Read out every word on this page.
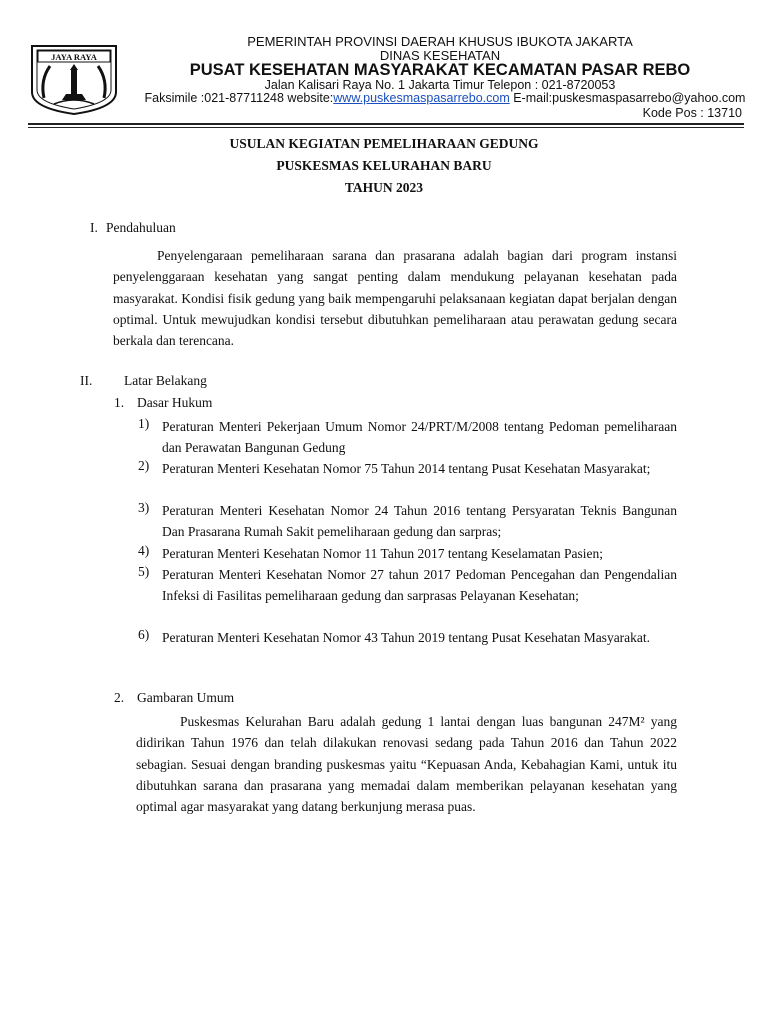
JAYA RAYA
PEMERINTAH PROVINSI DAERAH KHUSUS IBUKOTA JAKARTA
DINAS KESEHATAN
PUSAT KESEHATAN MASYARAKAT KECAMATAN PASAR REBO
Jalan Kalisari Raya No. 1 Jakarta Timur Telepon : 021-8720053
Faksimile :021-87711248 website:www.puskesmaspasarrebo.com E-mail:puskesmaspasarrebo@yahoo.com
Kode Pos : 13710
USULAN KEGIATAN PEMELIHARAAN GEDUNG
PUSKESMAS KELURAHAN BARU
TAHUN 2023
I. Pendahuluan
Penyelengaraan pemeliharaan sarana dan prasarana adalah bagian dari program instansi penyelenggaraan kesehatan yang sangat penting dalam mendukung pelayanan kesehatan pada masyarakat. Kondisi fisik gedung yang baik mempengaruhi pelaksanaan kegiatan dapat berjalan dengan optimal. Untuk mewujudkan kondisi tersebut dibutuhkan pemeliharaan atau perawatan gedung secara berkala dan terencana.
II. Latar Belakang
1. Dasar Hukum
1) Peraturan Menteri Pekerjaan Umum Nomor 24/PRT/M/2008 tentang Pedoman pemeliharaan dan Perawatan Bangunan Gedung
2) Peraturan Menteri Kesehatan Nomor 75 Tahun 2014 tentang Pusat Kesehatan Masyarakat;
3) Peraturan Menteri Kesehatan Nomor 24 Tahun 2016 tentang Persyaratan Teknis Bangunan Dan Prasarana Rumah Sakit pemeliharaan gedung dan sarpras;
4) Peraturan Menteri Kesehatan Nomor 11 Tahun 2017 tentang Keselamatan Pasien;
5) Peraturan Menteri Kesehatan Nomor 27 tahun 2017 Pedoman Pencegahan dan Pengendalian Infeksi di Fasilitas pemeliharaan gedung dan sarprasas Pelayanan Kesehatan;
6) Peraturan Menteri Kesehatan Nomor 43 Tahun 2019 tentang Pusat Kesehatan Masyarakat.
2. Gambaran Umum
Puskesmas Kelurahan Baru adalah gedung 1 lantai dengan luas bangunan 247M² yang didirikan Tahun 1976 dan telah dilakukan renovasi sedang pada Tahun 2016 dan Tahun 2022 sebagian. Sesuai dengan branding puskesmas yaitu “Kepuasan Anda, Kebahagian Kami, untuk itu dibutuhkan sarana dan prasarana yang memadai dalam memberikan pelayanan kesehatan yang optimal agar masyarakat yang datang berkunjung merasa puas.
